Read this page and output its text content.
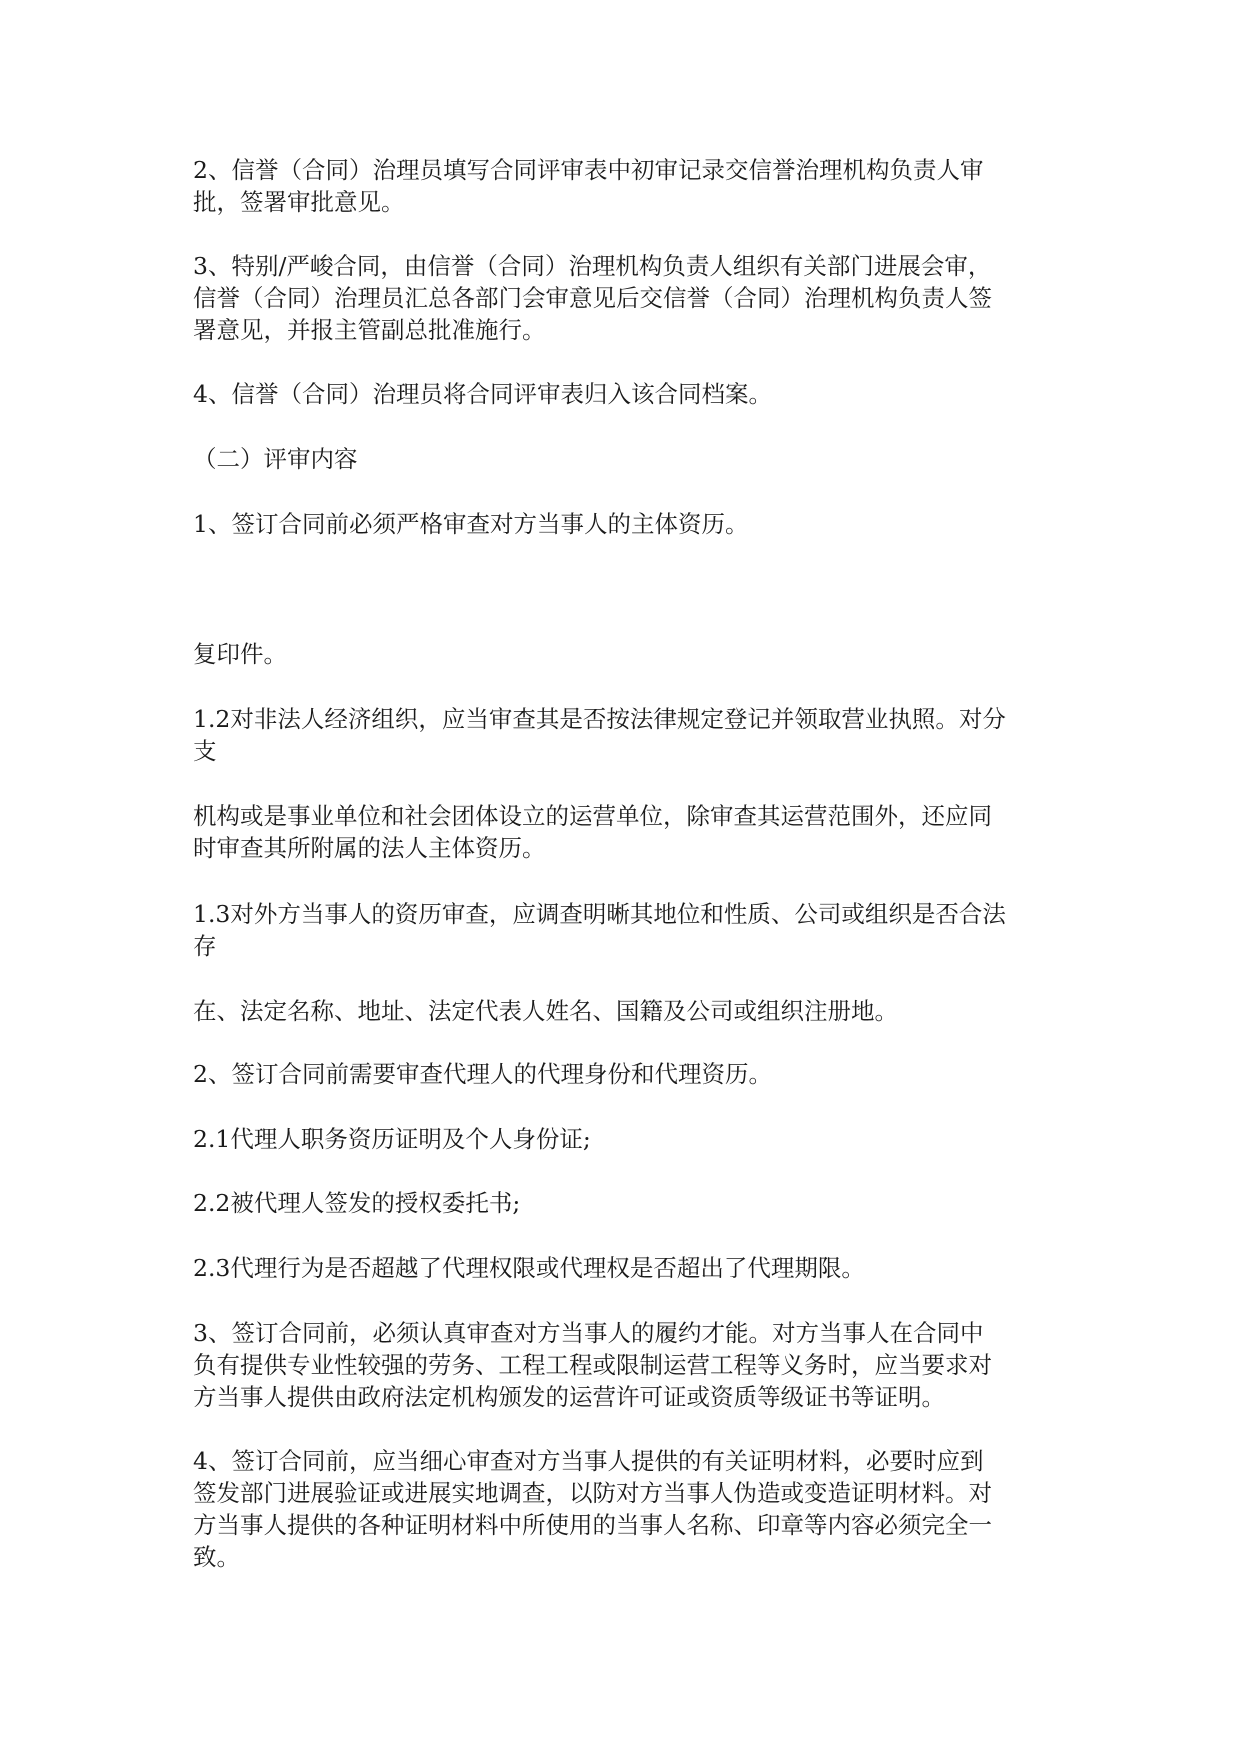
2、信誉（合同）治理员填写合同评审表中初审记录交信誉治理机构负责人审
批，签署审批意见。

3、特别/严峻合同，由信誉（合同）治理机构负责人组织有关部门进展会审，
信誉（合同）治理员汇总各部门会审意见后交信誉（合同）治理机构负责人签
署意见，并报主管副总批准施行。

4、信誉（合同）治理员将合同评审表归入该合同档案。

（二）评审内容

1、签订合同前必须严格审查对方当事人的主体资历。

复印件。

1.2对非法人经济组织，应当审查其是否按法律规定登记并领取营业执照。对分
支

机构或是事业单位和社会团体设立的运营单位，除审查其运营范围外，还应同
时审查其所附属的法人主体资历。

1.3对外方当事人的资历审查，应调查明晰其地位和性质、公司或组织是否合法
存

在、法定名称、地址、法定代表人姓名、国籍及公司或组织注册地。

2、签订合同前需要审查代理人的代理身份和代理资历。

2.1代理人职务资历证明及个人身份证;

2.2被代理人签发的授权委托书;

2.3代理行为是否超越了代理权限或代理权是否超出了代理期限。

3、签订合同前，必须认真审查对方当事人的履约才能。对方当事人在合同中
负有提供专业性较强的劳务、工程工程或限制运营工程等义务时，应当要求对
方当事人提供由政府法定机构颁发的运营许可证或资质等级证书等证明。

4、签订合同前，应当细心审查对方当事人提供的有关证明材料，必要时应到
签发部门进展验证或进展实地调查，以防对方当事人伪造或变造证明材料。对
方当事人提供的各种证明材料中所使用的当事人名称、印章等内容必须完全一
致。
